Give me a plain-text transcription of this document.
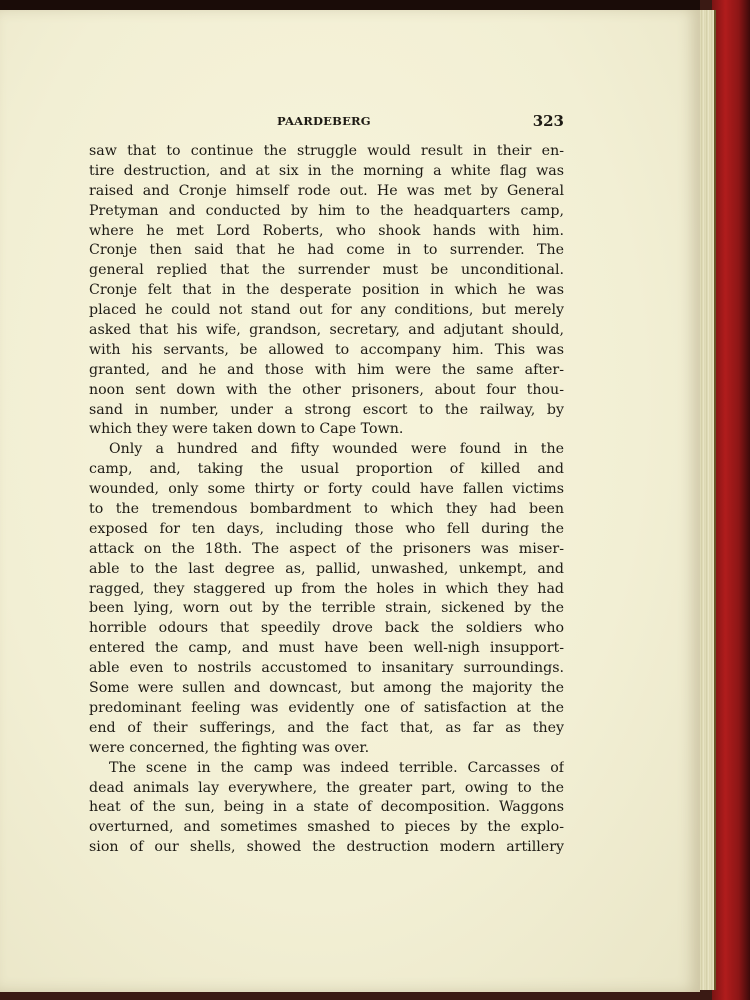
PAARDEBERG	323
saw that to continue the struggle would result in their en-
tire destruction, and at six in the morning a white flag was
raised and Cronje himself rode out. He was met by General
Pretyman and conducted by him to the headquarters camp,
where he met Lord Roberts, who shook hands with him.
Cronje then said that he had come in to surrender. The
general replied that the surrender must be unconditional.
Cronje felt that in the desperate position in which he was
placed he could not stand out for any conditions, but merely
asked that his wife, grandson, secretary, and adjutant should,
with his servants, be allowed to accompany him. This was
granted, and he and those with him were the same after-
noon sent down with the other prisoners, about four thou-
sand in number, under a strong escort to the railway, by
which they were taken down to Cape Town.
Only a hundred and fifty wounded were found in the
camp, and, taking the usual proportion of killed and
wounded, only some thirty or forty could have fallen victims
to the tremendous bombardment to which they had been
exposed for ten days, including those who fell during the
attack on the 18th. The aspect of the prisoners was miser-
able to the last degree as, pallid, unwashed, unkempt, and
ragged, they staggered up from the holes in which they had
been lying, worn out by the terrible strain, sickened by the
horrible odours that speedily drove back the soldiers who
entered the camp, and must have been well-nigh insupport-
able even to nostrils accustomed to insanitary surroundings.
Some were sullen and downcast, but among the majority the
predominant feeling was evidently one of satisfaction at the
end of their sufferings, and the fact that, as far as they
were concerned, the fighting was over.
The scene in the camp was indeed terrible. Carcasses of
dead animals lay everywhere, the greater part, owing to the
heat of the sun, being in a state of decomposition. Waggons
overturned, and sometimes smashed to pieces by the explo-
sion of our shells, showed the destruction modern artillery
